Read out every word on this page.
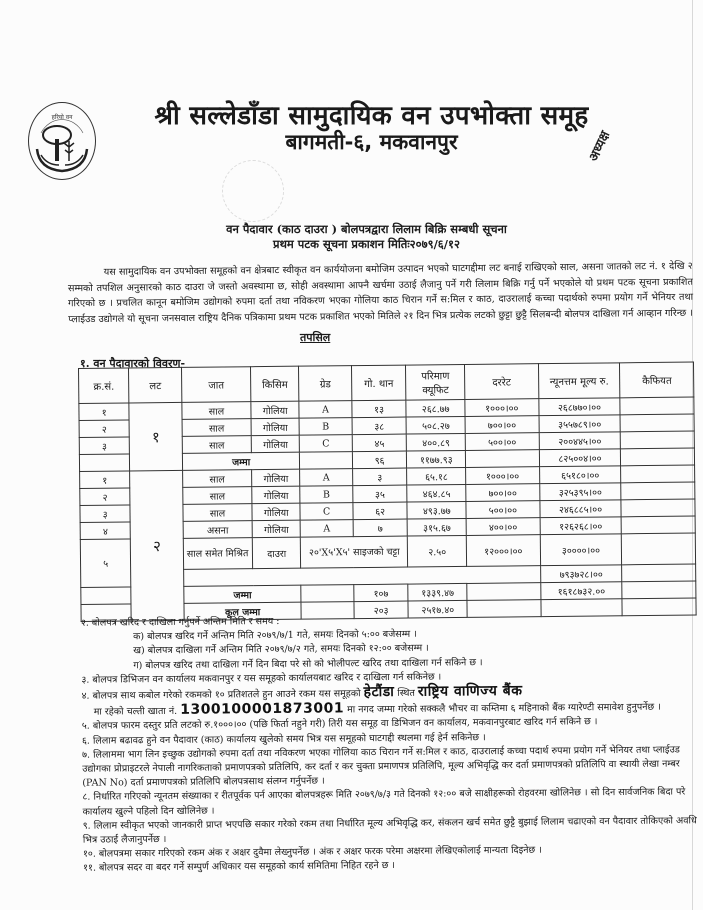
हरियो वन	श्री सल्लेडाँडा सामुदायिक वन उपभोक्ता समूह
बागमती-६, मकवानपुर	अध्यक्ष
वन पैदावार (काठ दाउरा ) बोलपत्रद्वारा लिलाम बिक्रि सम्बधी सूचना
प्रथम पटक सूचना प्रकाशन मितिः२०७९/६/१२
यस सामुदायिक वन उपभोक्ता समूहको वन क्षेत्रबाट स्वीकृत वन कार्ययोजना बमोजिम उत्पादन भएको घाटगद्दीमा लट बनाई राखिएको साल, असना जातको लट नं. १ देखि २ सम्मको तपशिल अनुसारको काठ दाउरा जे जस्तो अवस्थामा छ, सोही अवस्थामा आफ्नै खर्चमा उठाई लैजानु पर्ने गरी लिलाम बिक्रि गर्नु पर्ने भएकोले यो प्रथम पटक सूचना प्रकाशित गरिएको छ । प्रचलित कानून बमोजिम उद्योगको रुपमा दर्ता तथा नविकरण भएका गोलिया काठ चिरान गर्ने स:मिल र काठ, दाउरालाई कच्चा पदार्थको रुपमा प्रयोग गर्ने भेनियर तथा प्लाईउड उद्योगले यो सूचना जनसवाल राष्ट्रिय दैनिक पत्रिकामा प्रथम पटक प्रकाशित भएको मितिले २१ दिन भित्र प्रत्येक लटको छुट्टा छुट्टै सिलबन्दी बोलपत्र दाखिला गर्न आव्हान गरिन्छ ।
तपसिल
१. वन पैदावारको विवरण-
क्र.सं.	लट	जात	किसिम	ग्रेड	गो. थान	परिमाण क्यूफिट	दररेट	न्यूनत्तम मूल्य रु.	कैफियत
१	१	साल	गोलिया	A	१३	२६८.७७	१०००।००	२६८७७०।००	
२		साल	गोलिया	B	३८	५०८.२७	७००।००	३५५७८९।००	
३		साल	गोलिया	C	४५	४००.८९	५००।००	२००४४५।००	
		जम्मा			९६	११७७.९३		८२५००४।००	
१	२	साल	गोलिया	A	३	६५.१८	१०००।००	६५१८०।००	
२		साल	गोलिया	B	३५	४६४.८५	७००।००	३२५३९५।००	
३		साल	गोलिया	C	६२	४९३.७७	५००।००	२४६८८५।००	
४		असना	गोलिया	A	७	३१५.६७	४००।००	१२६२६८।००	
५		साल समेत मिश्रित	दाउरा	२०'X५'X५' साइजको चट्टा		२.५०	१२०००।००	३००००।००	
								७९३७२८।००	
		जम्मा			१०७	१३३९.४७		१६१८७३२.००	
		कूल जम्मा			२०३	२५१७.४०			

२. बोलपत्र खरिद र दाखिला गर्नुपर्ने अन्तिम मिति र समय :

क) बोलपत्र खरिद गर्ने अन्तिम मिति २०७९/७/1 गते, समयः दिनको ५:०० बजेसम्म ।

ख) बोलपत्र दाखिला गर्ने अन्तिम मिति २०७९/७/२ गते, समयः दिनको १२:०० बजेसम्म ।

ग) बोलपत्र खरिद तथा दाखिला गर्ने दिन बिदा परे सो को भोलीपल्ट खरिद तथा दाखिला गर्न सकिने छ ।

३. बोलपत्र डिभिजन वन कार्यालय मकवानपुर र यस समूहको कार्यालयबाट खरिद र दाखिला गर्न सकिनेछ ।

४. बोलपत्र साथ कबोल गरेको रकमको १० प्रतिशतले हुन आउने रकम यस समूहको हेटौंडा स्थित राष्ट्रिय वाणिज्य बैंक
मा रहेको चल्ती खाता नं. 1300100001873001 मा नगद जम्मा गरेको सक्कलै भौचर वा कम्तिमा ६ महिनाको बैंक ग्यारेण्टी समावेश हुनुपर्नेछ ।

५. बोलपत्र फारम दस्तुर प्रति लटको रु.१०००।०० (पछि फिर्ता नहुने गरी) तिरी यस समूह वा डिभिजन वन कार्यालय, मकवानपुरबाट खरिद गर्न सकिने छ ।

६. लिलाम बढावढ हुने वन पैदावार (काठ) कार्यालय खुलेको समय भित्र यस समूहको घाटगद्दी स्थलमा गई हेर्न सकिनेछ ।

७. लिलाममा भाग लिन इच्छुक उद्योगको रुपमा दर्ता तथा नविकरण भएका गोलिया काठ चिरान गर्ने स:मिल र काठ, दाउरालाई कच्चा पदार्थ रुपमा प्रयोग गर्ने भेनियर तथा प्लाईउड उद्योगका प्रोप्राइटरले नेपाली नागरिकताको प्रमाणपत्रको प्रतिलिपि, कर दर्ता र कर चुक्ता प्रमाणपत्र प्रतिलिपि, मूल्य अभिवृद्धि कर दर्ता प्रमाणपत्रको प्रतिलिपि वा स्थायी लेखा नम्बर (PAN No) दर्ता प्रमाणपत्रको प्रतिलिपि बोलपत्रसाथ संलग्न गर्नुपर्नेछ ।

८. निर्धारित गरिएको न्यूनतम संख्याका र रीतपूर्वक पर्न आएका बोलपत्रहरू मिति २०७९/७/३ गते दिनको १२:०० बजे साक्षीहरूको रोहवरमा खोलिनेछ । सो दिन सार्वजनिक बिदा परे कार्यालय खुल्ने पहिलो दिन खोलिनेछ ।

९. लिलाम स्वीकृत भएको जानकारी प्राप्त भएपछि सकार गरेको रकम तथा निर्धारित मूल्य अभिवृद्धि कर, संकलन खर्च समेत छुट्टै बुझाई लिलाम चढाएको वन पैदावार तोकिएको अवधि भित्र उठाई लैजानुपर्नेछ ।

१०. बोलपत्रमा सकार गरिएको रकम अंक र अक्षर दुवैमा लेख्नुपर्नेछ । अंक र अक्षर फरक परेमा अक्षरमा लेखिएकोलाई मान्यता दिइनेछ ।

११. बोलपत्र सदर वा बदर गर्ने सम्पुर्ण अधिकार यस समूहको कार्य समितिमा निहित रहने छ ।
